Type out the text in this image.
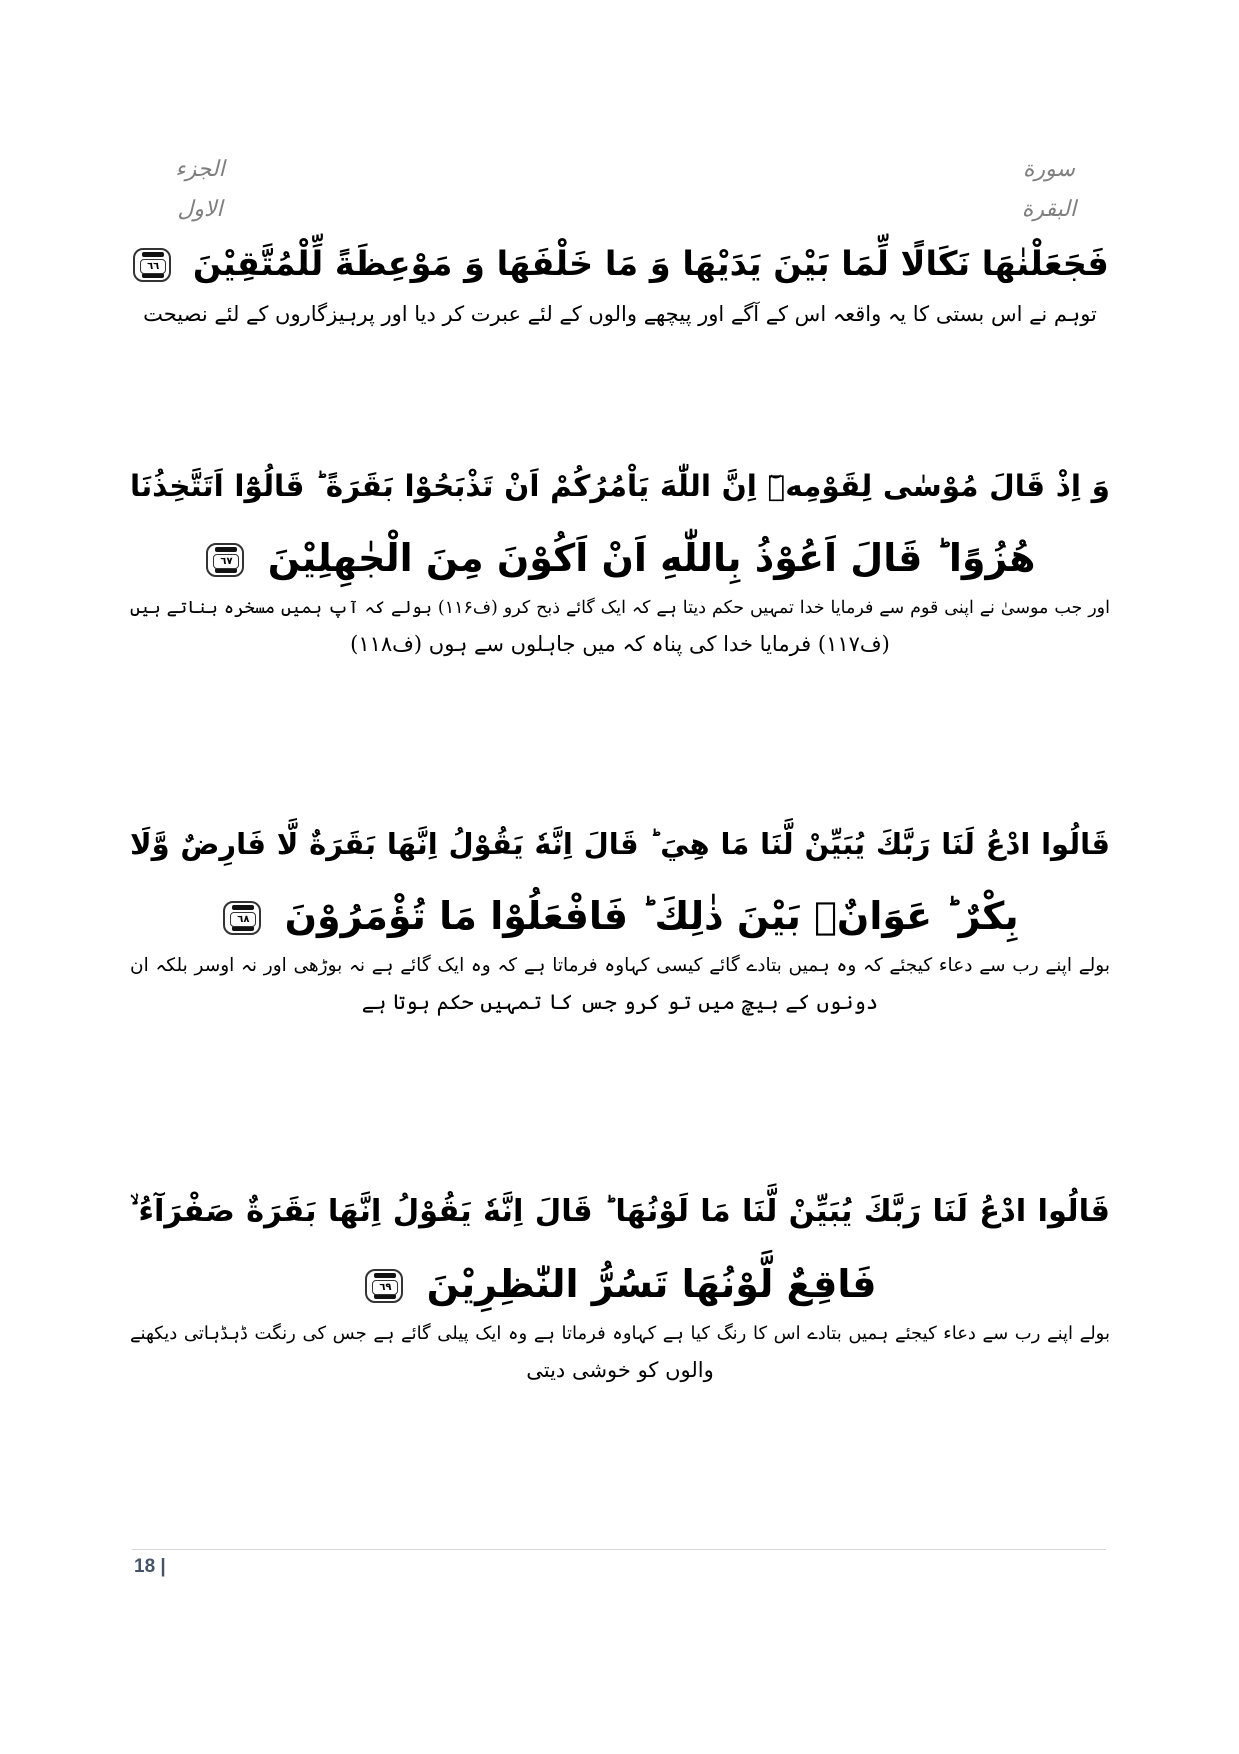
الجزء الاول
سورة البقرة
فَجَعَلْنٰهَا نَكَالًا لِّمَا بَيْنَ يَدَيْهَا وَ مَا خَلْفَهَا وَ مَوْعِظَةً لِّلْمُتَّقِيْنَ
٦٦
توہم نے اس بستی کا یہ واقعہ اس کے آگے اور پیچھے والوں کے لئے عبرت کر دیا اور پرہیزگاروں کے لئے نصیحت
وَ اِذْ قَالَ مُوْسٰى لِقَوْمِهٖٓ اِنَّ اللّٰهَ يَاْمُرُكُمْ اَنْ تَذْبَحُوْا بَقَرَةً ؕ قَالُوْٓا اَتَتَّخِذُنَا
هُزُوًا ؕ قَالَ اَعُوْذُ بِاللّٰهِ اَنْ اَكُوْنَ مِنَ الْجٰهِلِيْنَ
٦٧
اور جب موسیٰ نے اپنی قوم سے فرمایا خدا تمہیں حکم دیتا ہے کہ ایک گائے ذبح کرو (ف۱۱۶) بولے کہ آپ ہمیں مسخرہ بناتے ہیں
(ف۱۱۷) فرمایا خدا کی پناہ کہ میں جاہلوں سے ہوں (ف۱۱۸)
قَالُوا ادْعُ لَنَا رَبَّكَ يُبَيِّنْ لَّنَا مَا هِيَ ؕ قَالَ اِنَّهٗ يَقُوْلُ اِنَّهَا بَقَرَةٌ لَّا فَارِضٌ وَّلَا
بِكْرٌ ؕ عَوَانٌۢ بَيْنَ ذٰلِكَ ؕ فَافْعَلُوْا مَا تُؤْمَرُوْنَ
٦٨
بولے اپنے رب سے دعاء کیجئے کہ وہ ہمیں بتادے گائے کیسی کہاوہ فرماتا ہے کہ وہ ایک گائے ہے نہ بوڑھی اور نہ اوسر بلکہ ان
دونوں کے بیچ میں تو کرو جس کا تمہیں حکم ہوتا ہے
قَالُوا ادْعُ لَنَا رَبَّكَ يُبَيِّنْ لَّنَا مَا لَوْنُهَا ؕ قَالَ اِنَّهٗ يَقُوْلُ اِنَّهَا بَقَرَةٌ صَفْرَآءُ ۙ
فَاقِعٌ لَّوْنُهَا تَسُرُّ النّٰظِرِيْنَ
٦٩
بولے اپنے رب سے دعاء کیجئے ہمیں بتادے اس کا رنگ کیا ہے کہاوہ فرماتا ہے وہ ایک پیلی گائے ہے جس کی رنگت ڈہڈہاتی دیکھنے
والوں کو خوشی دیتی
18 |
